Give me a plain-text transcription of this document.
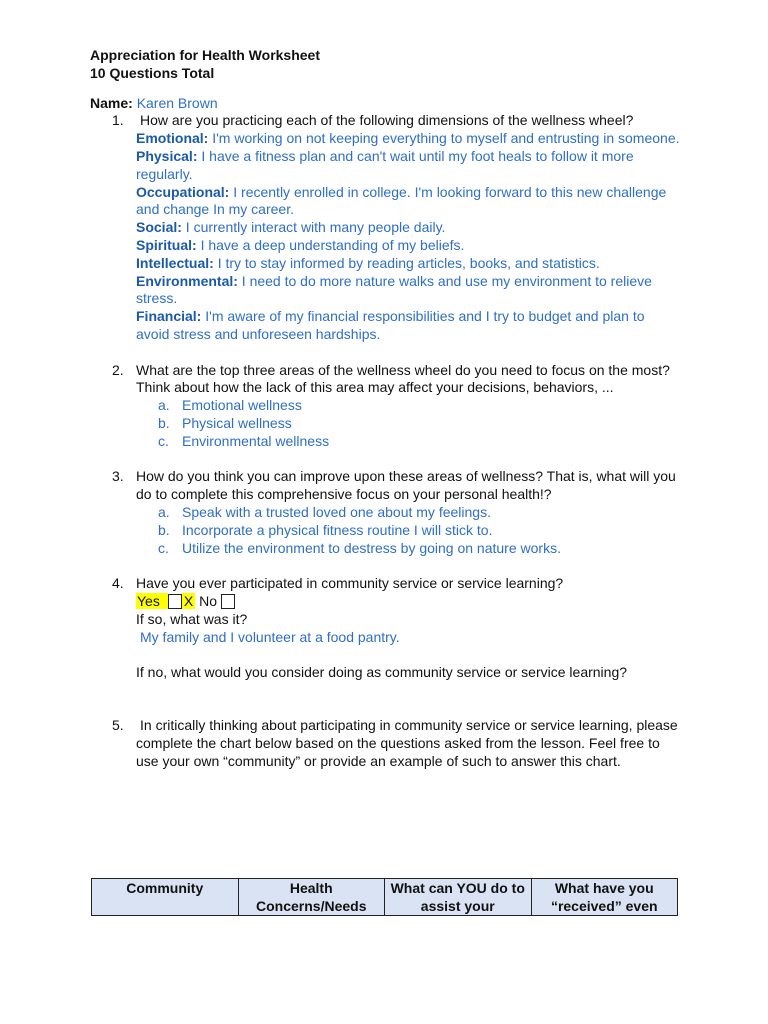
Appreciation for Health Worksheet
10 Questions Total
Name: Karen Brown
1. How are you practicing each of the following dimensions of the wellness wheel?
Emotional: I'm working on not keeping everything to myself and entrusting in someone.
Physical: I have a fitness plan and can't wait until my foot heals to follow it more regularly.
Occupational: I recently enrolled in college. I'm looking forward to this new challenge and change In my career.
Social: I currently interact with many people daily.
Spiritual: I have a deep understanding of my beliefs.
Intellectual: I try to stay informed by reading articles, books, and statistics.
Environmental: I need to do more nature walks and use my environment to relieve stress.
Financial: I'm aware of my financial responsibilities and I try to budget and plan to avoid stress and unforeseen hardships.
2. What are the top three areas of the wellness wheel do you need to focus on the most? Think about how the lack of this area may affect your decisions, behaviors, ...
a. Emotional wellness
b. Physical wellness
c. Environmental wellness
3. How do you think you can improve upon these areas of wellness? That is, what will you do to complete this comprehensive focus on your personal health!?
a. Speak with a trusted loved one about my feelings.
b. Incorporate a physical fitness routine I will stick to.
c. Utilize the environment to destress by going on nature works.
4. Have you ever participated in community service or service learning?
Yes X No
If so, what was it?
My family and I volunteer at a food pantry.
If no, what would you consider doing as community service or service learning?
5. In critically thinking about participating in community service or service learning, please complete the chart below based on the questions asked from the lesson. Feel free to use your own “community” or provide an example of such to answer this chart.
Community	Health Concerns/Needs	What can YOU do to assist your	What have you “received” even
